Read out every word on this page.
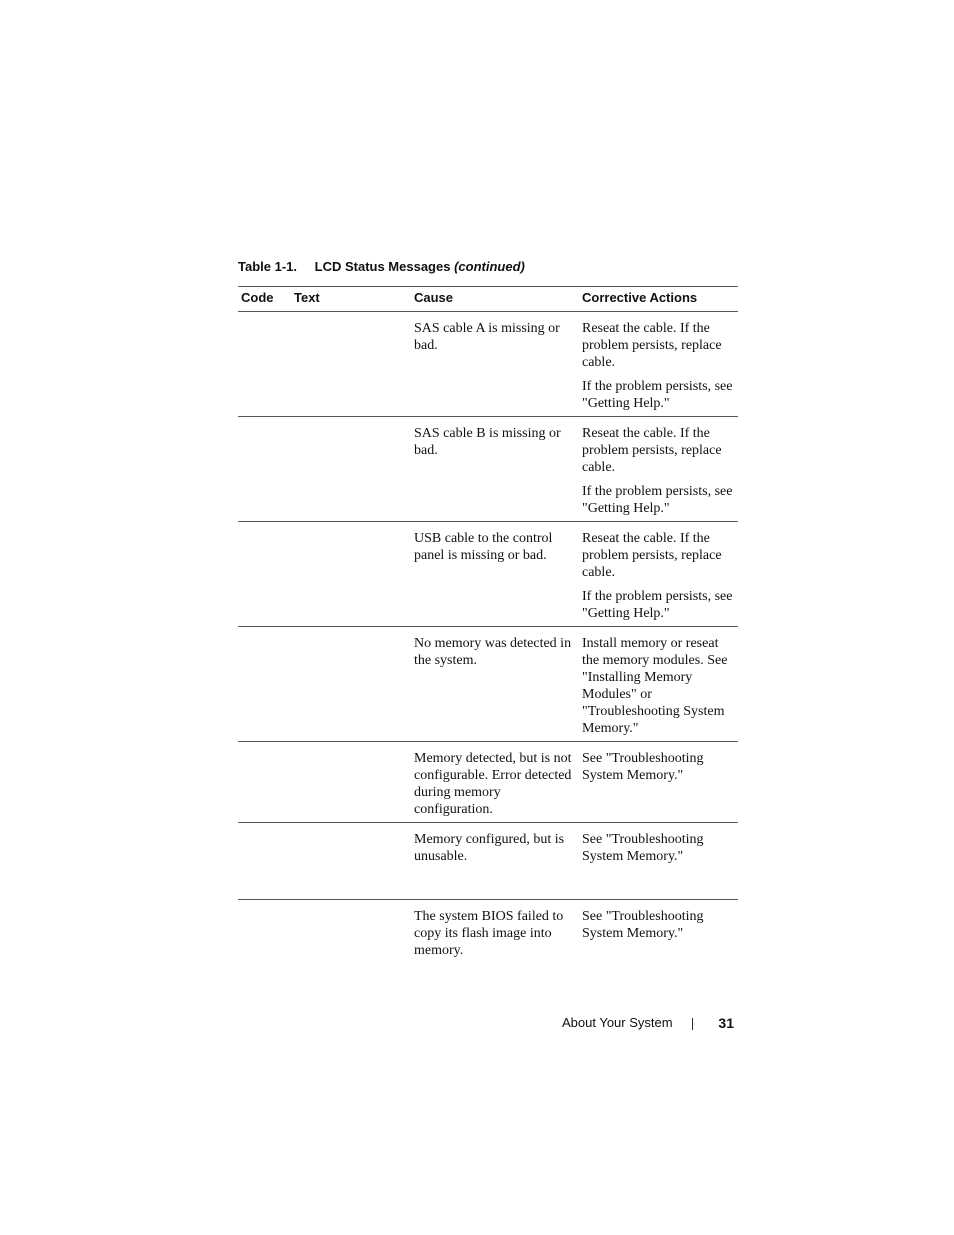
Table 1-1. LCD Status Messages (continued)
Code	Text	Cause	Corrective Actions
		SAS cable A is missing or bad.	Reseat the cable. If the problem persists, replace cable.

If the problem persists, see "Getting Help."

		SAS cable B is missing or bad.	Reseat the cable. If the problem persists, replace cable.

If the problem persists, see "Getting Help."

		USB cable to the control panel is missing or bad.	Reseat the cable. If the problem persists, replace cable.

If the problem persists, see "Getting Help."

		No memory was detected in the system.	Install memory or reseat the memory modules. See "Installing Memory Modules" or "Troubleshooting System Memory."

		Memory detected, but is not configurable. Error detected during memory configuration.	See "Troubleshooting System Memory."

		Memory configured, but is unusable.	See "Troubleshooting System Memory."

		The system BIOS failed to copy its flash image into memory.	See "Troubleshooting System Memory."

About Your System	31
